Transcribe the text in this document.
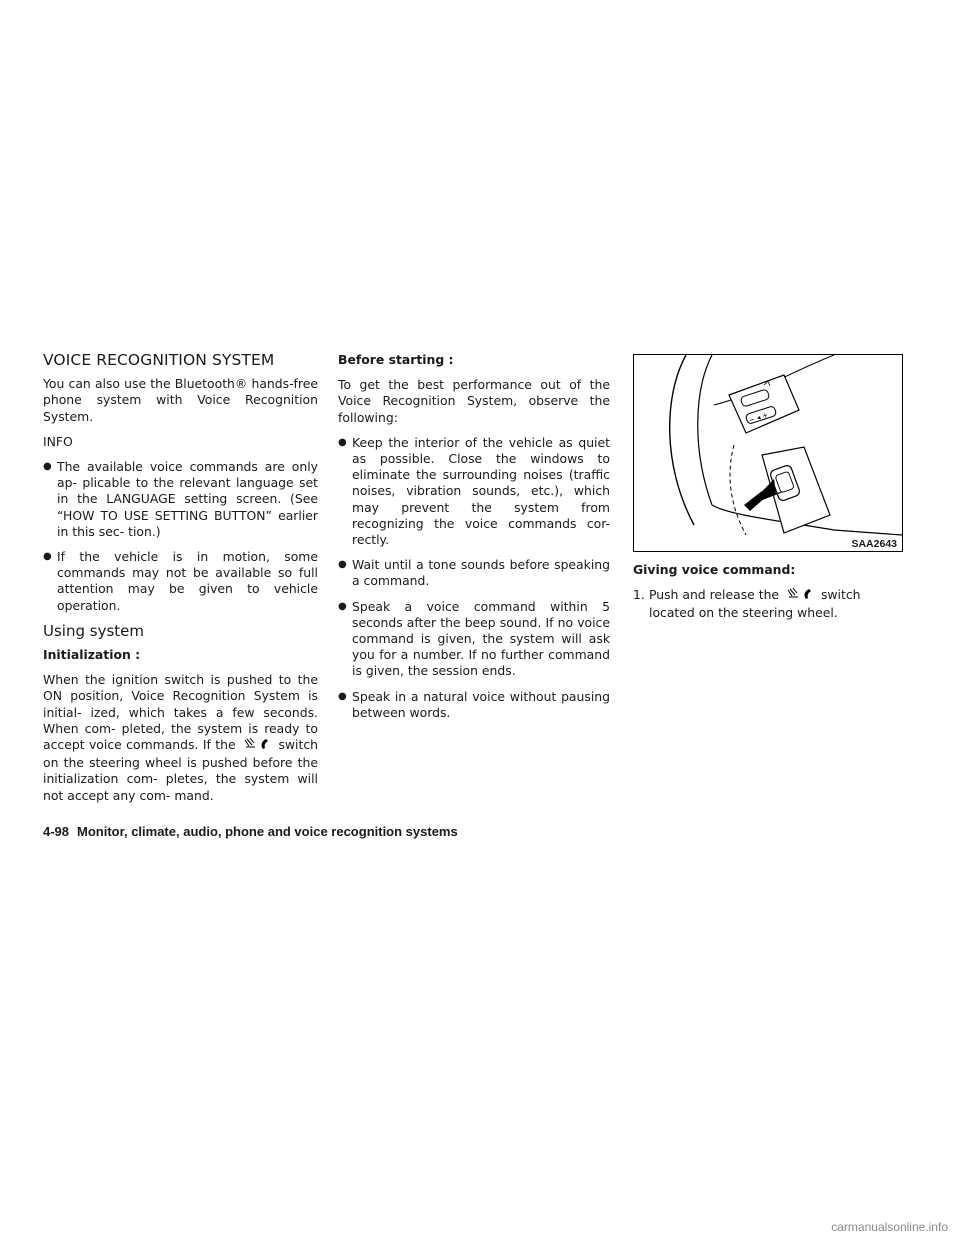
VOICE RECOGNITION SYSTEM

You can also use the Bluetooth® hands-free phone system with Voice Recognition System.

INFO

● The available voice commands are only ap- plicable to the relevant language set in the LANGUAGE setting screen. (See “HOW TO USE SETTING BUTTON” earlier in this sec- tion.)
● If the vehicle is in motion, some commands may not be available so full attention may be given to vehicle operation.
Using system
Initialization :

When the ignition switch is pushed to the ON position, Voice Recognition System is initial- ized, which takes a few seconds. When com- pleted, the system is ready to accept voice commands. If the	switch on the steering wheel is pushed before the initialization com- pletes, the system will not accept any com- mand.

Before starting :

To get the best performance out of the Voice Recognition System, observe the following:

● Keep the interior of the vehicle as quiet as possible. Close the windows to eliminate the surrounding noises (traffic noises, vibration sounds, etc.), which may prevent the system from recognizing the voice commands cor- rectly.
● Wait until a tone sounds before speaking a command.
● Speak a voice command within 5 seconds after the beep sound. If no voice command is given, the system will ask you for a number. If no further command is given, the session ends.
● Speak in a natural voice without pausing between words.
− ◂ +
SAA2643
Giving voice command:
1. Push and release the	switch located on the steering wheel.
4-98 Monitor, climate, audio, phone and voice recognition systems
carmanualsonline.info
